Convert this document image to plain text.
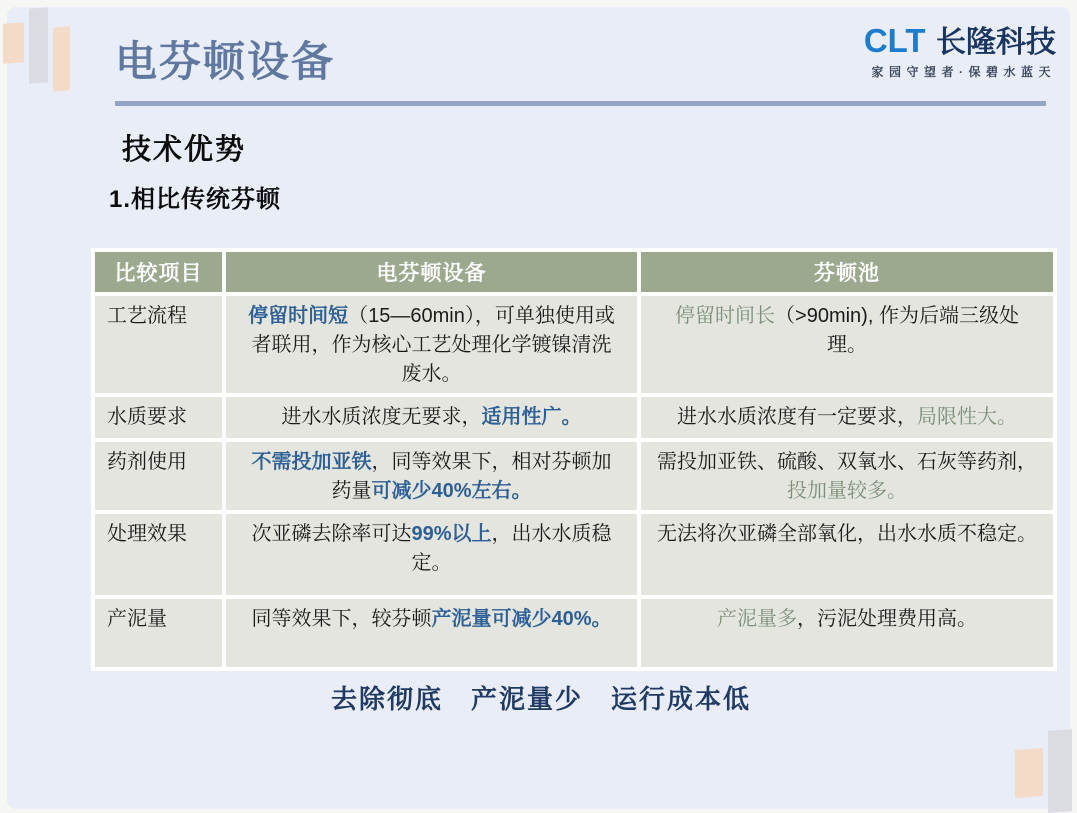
电芬顿设备	CLT 长隆科技
家园守望者·保碧水蓝天
技术优势
1.相比传统芬顿
比较项目	电芬顿设备	芬顿池
工艺流程	停留时间短（15—60min），可单独使用或者联用，作为核心工艺处理化学镀镍清洗废水。	停留时间长（>90min), 作为后端三级处理。
水质要求	进水水质浓度无要求，适用性广。	进水水质浓度有一定要求，局限性大。
药剂使用	不需投加亚铁，同等效果下，相对芬顿加药量可减少40%左右。	需投加亚铁、硫酸、双氧水、石灰等药剂，投加量较多。
处理效果	次亚磷去除率可达99%以上，出水水质稳定。	无法将次亚磷全部氧化，出水水质不稳定。
产泥量	同等效果下，较芬顿产泥量可减少40%。	产泥量多，污泥处理费用高。
去除彻底　产泥量少　运行成本低
